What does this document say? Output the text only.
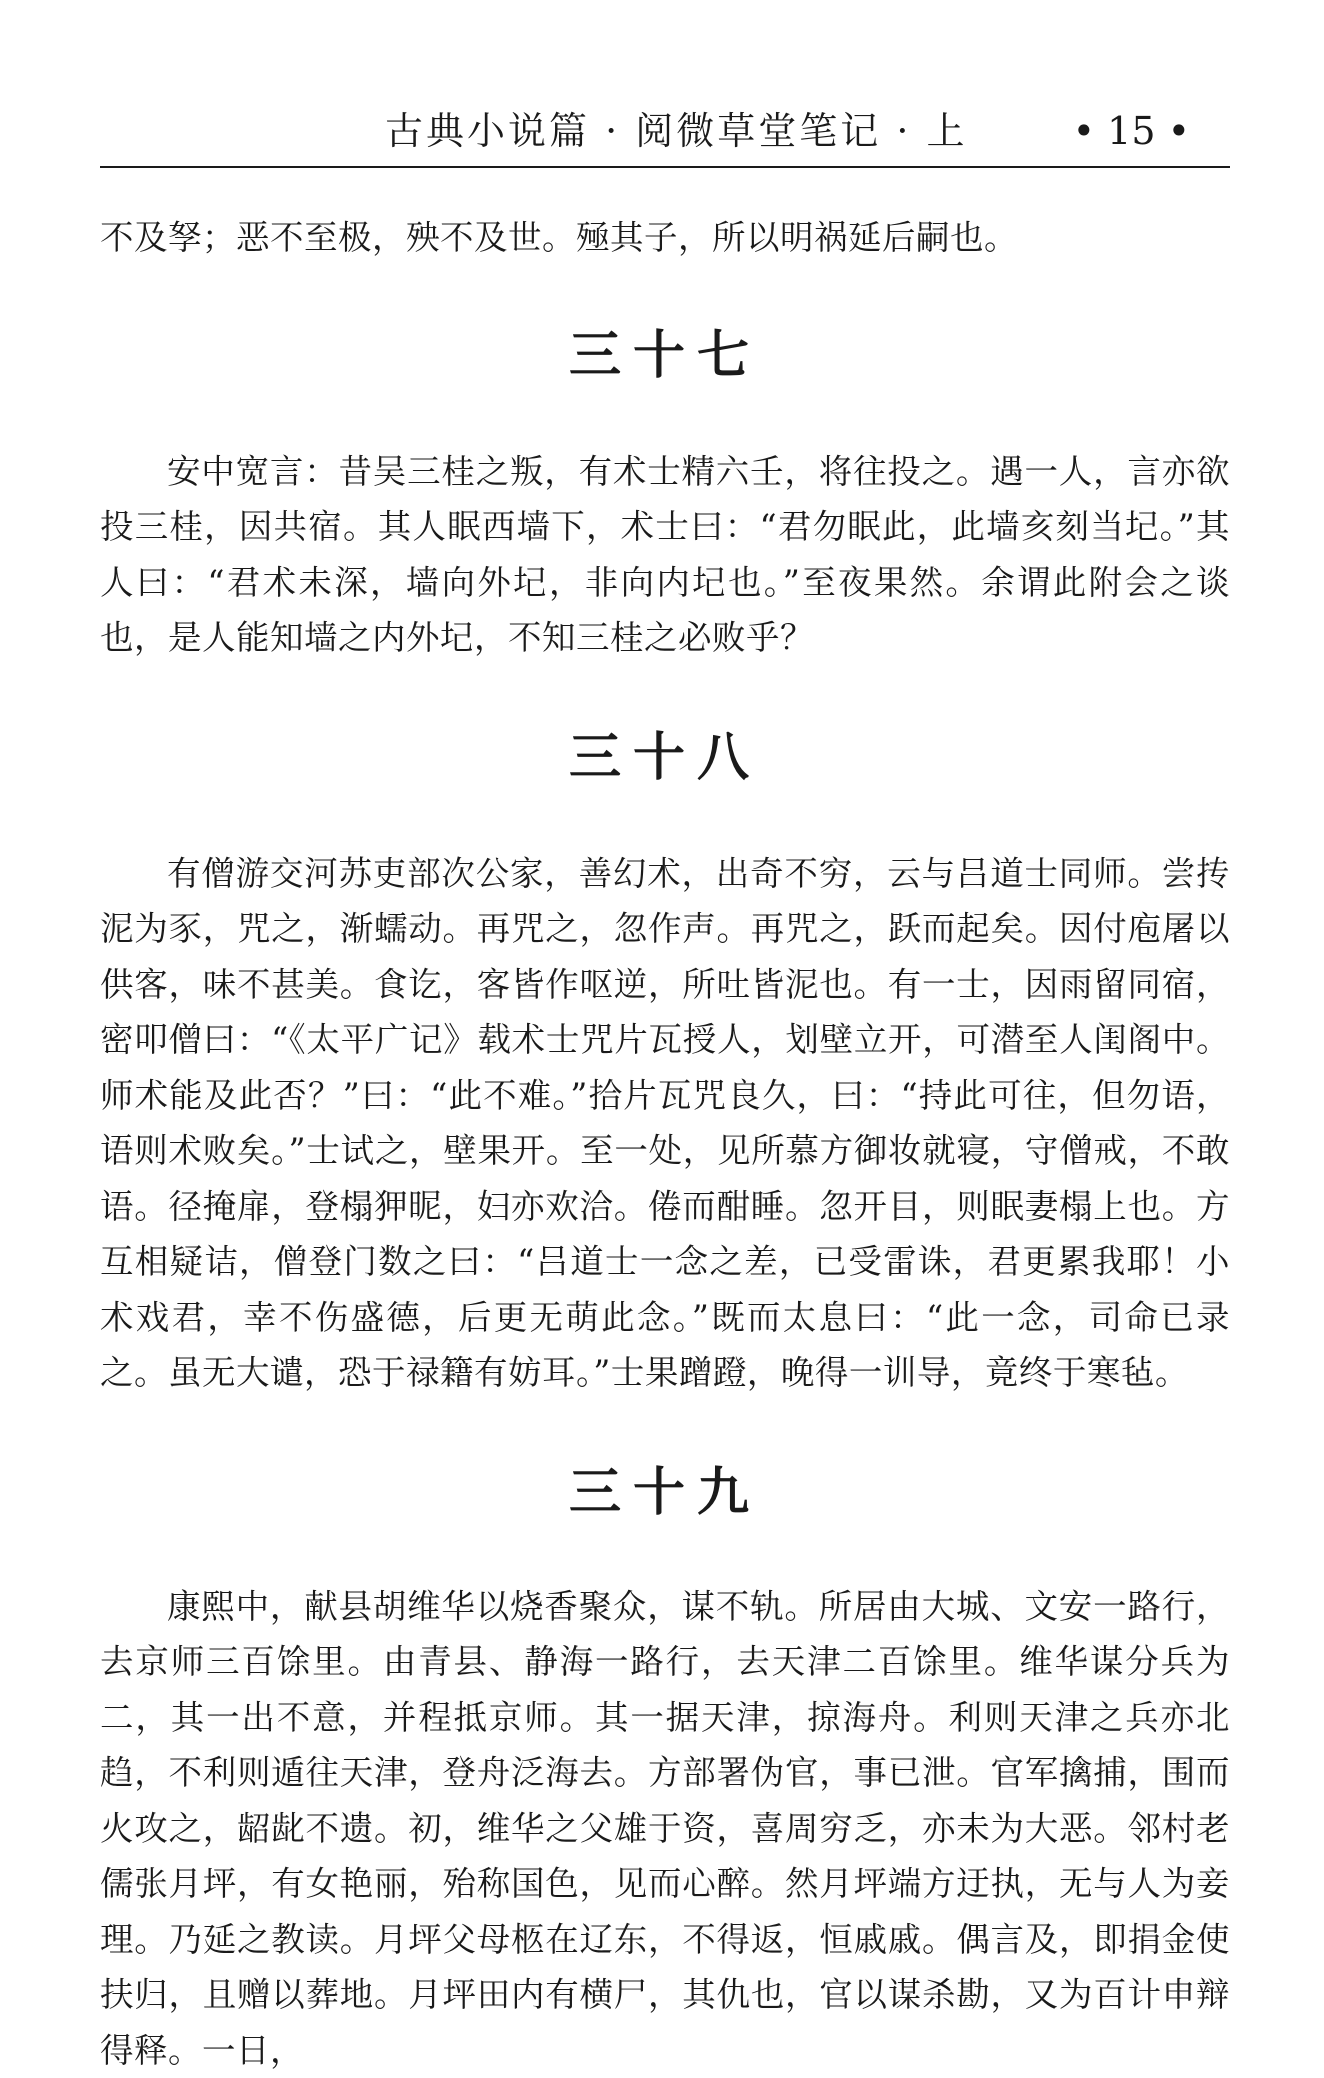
古典小说篇 · 阅微草堂笔记 · 上	• 15 •

不及孥；恶不至极，殃不及世。殛其子，所以明祸延后嗣也。

三十七

安中宽言：昔吴三桂之叛，有术士精六壬，将往投之。遇一人，言亦欲投三桂，因共宿。其人眠西墙下，术士曰：“君勿眠此，此墙亥刻当圮。”其人曰：“君术未深，墙向外圮，非向内圮也。”至夜果然。余谓此附会之谈也，是人能知墙之内外圮，不知三桂之必败乎？

三十八

有僧游交河苏吏部次公家，善幻术，出奇不穷，云与吕道士同师。尝抟泥为豕，咒之，渐蠕动。再咒之，忽作声。再咒之，跃而起矣。因付庖屠以供客，味不甚美。食讫，客皆作呕逆，所吐皆泥也。有一士，因雨留同宿，密叩僧曰：“《太平广记》载术士咒片瓦授人，划壁立开，可潜至人闺阁中。师术能及此否？”曰：“此不难。”拾片瓦咒良久，曰：“持此可往，但勿语，语则术败矣。”士试之，壁果开。至一处，见所慕方御妆就寝，守僧戒，不敢语。径掩扉，登榻狎昵，妇亦欢洽。倦而酣睡。忽开目，则眠妻榻上也。方互相疑诘，僧登门数之曰：“吕道士一念之差，已受雷诛，君更累我耶！小术戏君，幸不伤盛德，后更无萌此念。”既而太息曰：“此一念，司命已录之。虽无大谴，恐于禄籍有妨耳。”士果蹭蹬，晚得一训导，竟终于寒毡。

三十九

康熙中，献县胡维华以烧香聚众，谋不轨。所居由大城、文安一路行，去京师三百馀里。由青县、静海一路行，去天津二百馀里。维华谋分兵为二，其一出不意，并程抵京师。其一据天津，掠海舟。利则天津之兵亦北趋，不利则遁往天津，登舟泛海去。方部署伪官，事已泄。官军擒捕，围而火攻之，龆龀不遗。初，维华之父雄于资，喜周穷乏，亦未为大恶。邻村老儒张月坪，有女艳丽，殆称国色，见而心醉。然月坪端方迂执，无与人为妾理。乃延之教读。月坪父母柩在辽东，不得返，恒戚戚。偶言及，即捐金使扶归，且赠以葬地。月坪田内有横尸，其仇也，官以谋杀勘，又为百计申辩得释。一日，
